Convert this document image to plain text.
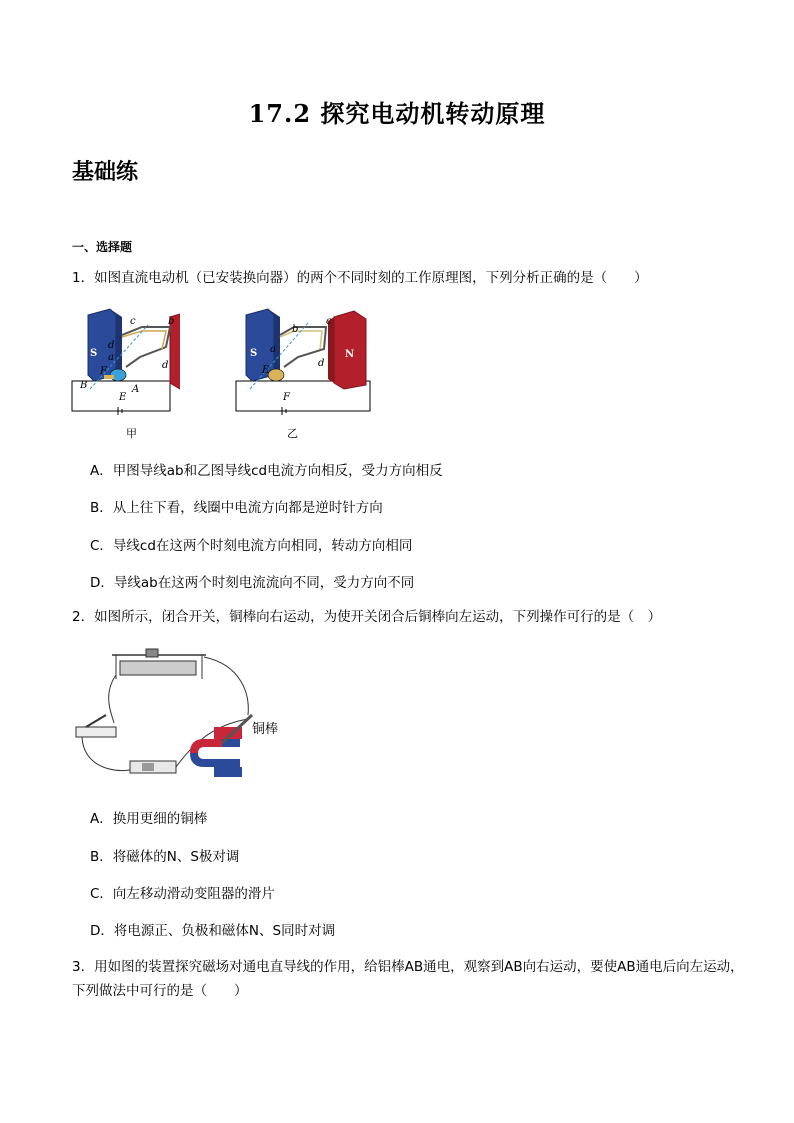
17.2 探究电动机转动原理
基础练
一、选择题
1．如图直流电动机（已安装换向器）的两个不同时刻的工作原理图，下列分析正确的是（　　）
c	b
S	N
d
d
a
F
B	A
E
甲
b
c
S	N
a
d
E
F
乙
A．甲图导线ab和乙图导线cd电流方向相反，受力方向相反
B．从上往下看，线圈中电流方向都是逆时针方向
C．导线cd在这两个时刻电流方向相同，转动方向相同
D．导线ab在这两个时刻电流流向不同，受力方向不同
2．如图所示，闭合开关，铜棒向右运动，为使开关闭合后铜棒向左运动，下列操作可行的是（　）
铜棒
A．换用更细的铜棒
B．将磁体的N、S极对调
C．向左移动滑动变阻器的滑片
D．将电源正、负极和磁体N、S同时对调
3．用如图的装置探究磁场对通电直导线的作用，给铝棒AB通电，观察到AB向右运动，要使AB通电后向左运动，下列做法中可行的是（　　）
